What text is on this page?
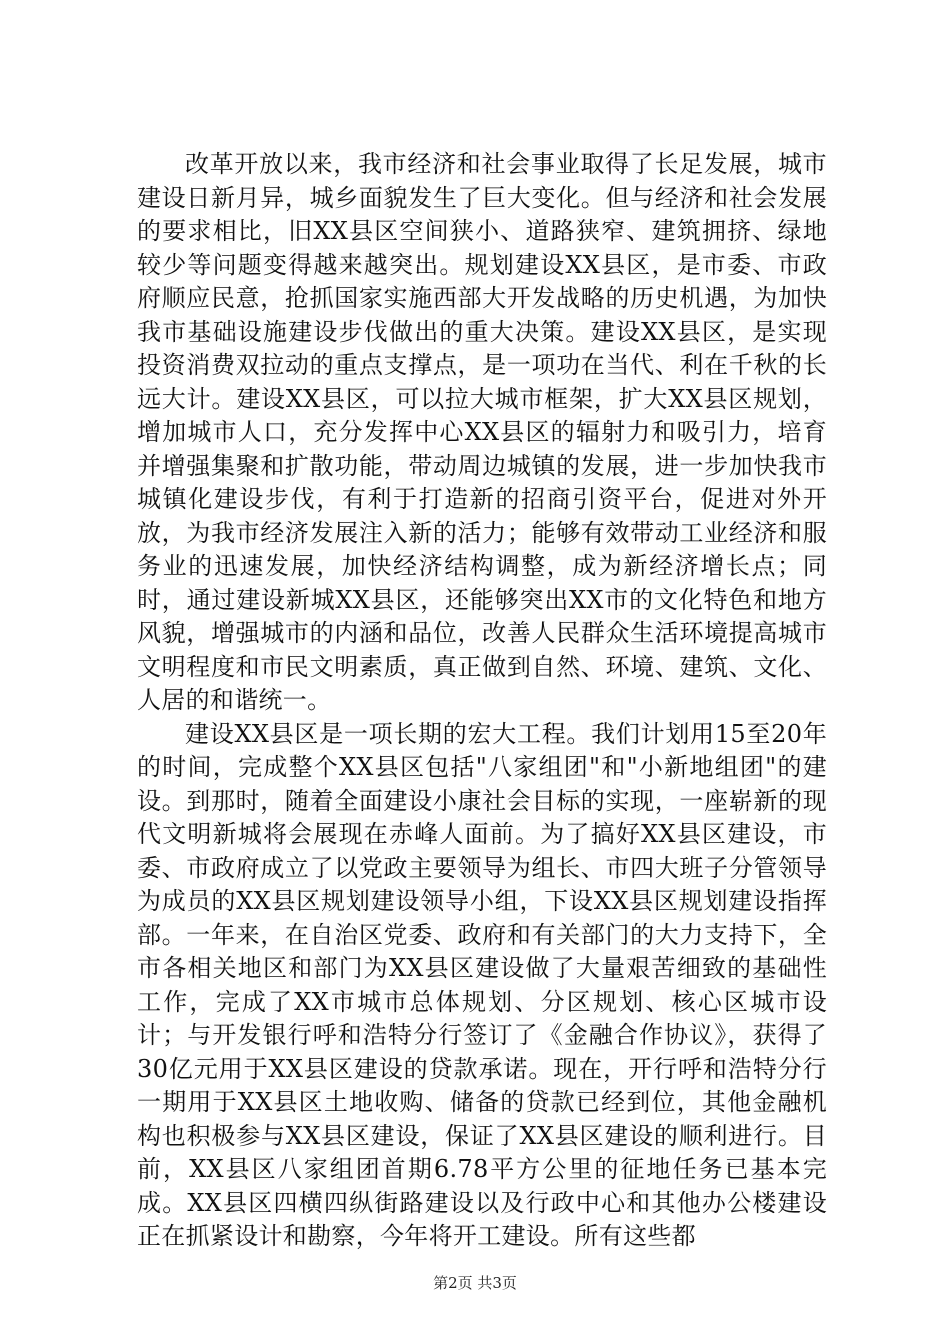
改革开放以来，我市经济和社会事业取得了长足发展，城市建设日新月异，城乡面貌发生了巨大变化。但与经济和社会发展的要求相比，旧XX县区空间狭小、道路狭窄、建筑拥挤、绿地较少等问题变得越来越突出。规划建设XX县区，是市委、市政府顺应民意，抢抓国家实施西部大开发战略的历史机遇，为加快我市基础设施建设步伐做出的重大决策。建设XX县区，是实现投资消费双拉动的重点支撑点，是一项功在当代、利在千秋的长远大计。建设XX县区，可以拉大城市框架，扩大XX县区规划，增加城市人口，充分发挥中心XX县区的辐射力和吸引力，培育并增强集聚和扩散功能，带动周边城镇的发展，进一步加快我市城镇化建设步伐，有利于打造新的招商引资平台，促进对外开放，为我市经济发展注入新的活力；能够有效带动工业经济和服务业的迅速发展，加快经济结构调整，成为新经济增长点；同时，通过建设新城XX县区，还能够突出XX市的文化特色和地方风貌，增强城市的内涵和品位，改善人民群众生活环境提高城市文明程度和市民文明素质，真正做到自然、环境、建筑、文化、人居的和谐统一。

建设XX县区是一项长期的宏大工程。我们计划用15至20年的时间，完成整个XX县区包括"八家组团"和"小新地组团"的建设。到那时，随着全面建设小康社会目标的实现，一座崭新的现代文明新城将会展现在赤峰人面前。为了搞好XX县区建设，市委、市政府成立了以党政主要领导为组长、市四大班子分管领导为成员的XX县区规划建设领导小组，下设XX县区规划建设指挥部。一年来，在自治区党委、政府和有关部门的大力支持下，全市各相关地区和部门为XX县区建设做了大量艰苦细致的基础性工作，完成了XX市城市总体规划、分区规划、核心区城市设计；与开发银行呼和浩特分行签订了《金融合作协议》，获得了30亿元用于XX县区建设的贷款承诺。现在，开行呼和浩特分行一期用于XX县区土地收购、储备的贷款已经到位，其他金融机构也积极参与XX县区建设，保证了XX县区建设的顺利进行。目前，XX县区八家组团首期6.78平方公里的征地任务已基本完成。XX县区四横四纵街路建设以及行政中心和其他办公楼建设正在抓紧设计和勘察，今年将开工建设。所有这些都

第2页 共3页
